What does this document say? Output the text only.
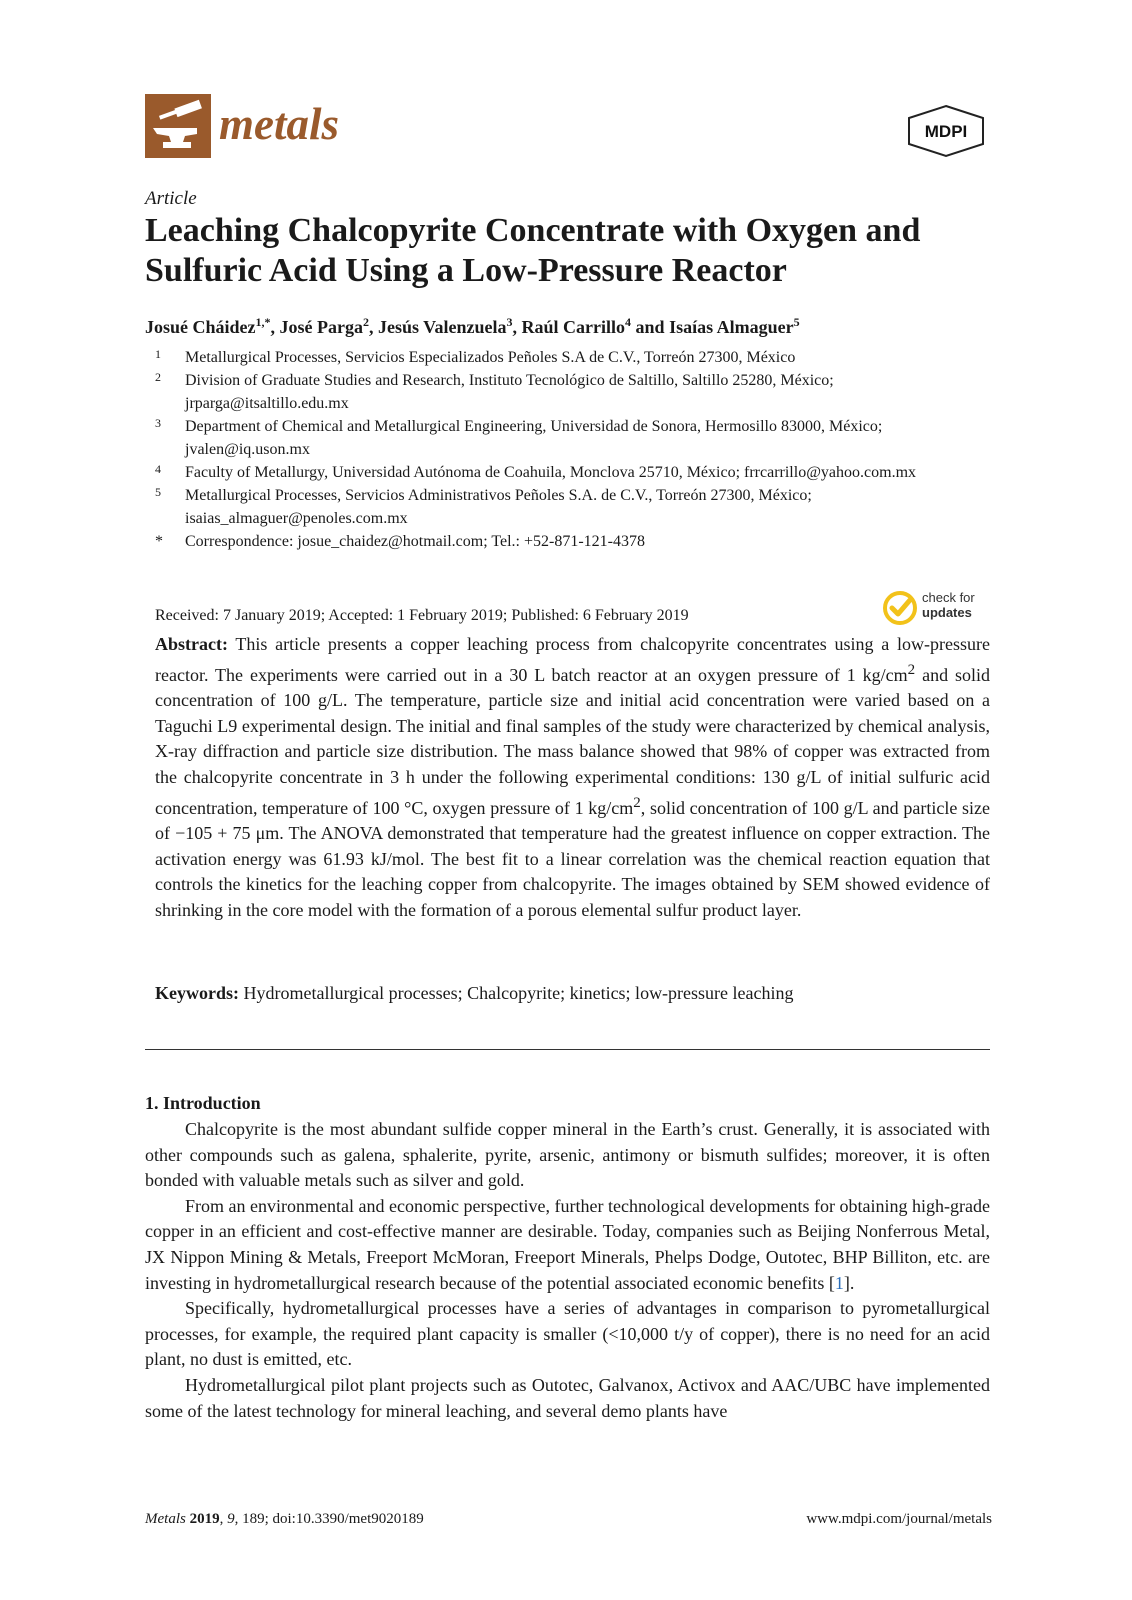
metals	MDPI
Article
Leaching Chalcopyrite Concentrate with Oxygen and Sulfuric Acid Using a Low-Pressure Reactor
Josué Cháidez$^{1,*}$, José Parga$^2$, Jesús Valenzuela$^3$, Raúl Carrillo$^4$ and Isaías Almaguer$^5$
1	Metallurgical Processes, Servicios Especializados Peñoles S.A de C.V., Torreón 27300, México
2	Division of Graduate Studies and Research, Instituto Tecnológico de Saltillo, Saltillo 25280, México; jrparga@itsaltillo.edu.mx
3	Department of Chemical and Metallurgical Engineering, Universidad de Sonora, Hermosillo 83000, México; jvalen@iq.uson.mx
4	Faculty of Metallurgy, Universidad Autónoma de Coahuila, Monclova 25710, México; frrcarrillo@yahoo.com.mx
5	Metallurgical Processes, Servicios Administrativos Peñoles S.A. de C.V., Torreón 27300, México; isaias_almaguer@penoles.com.mx
*	Correspondence: josue_chaidez@hotmail.com; Tel.: +52-871-121-4378
Received: 7 January 2019; Accepted: 1 February 2019; Published: 6 February 2019
check for
updates

Abstract: This article presents a copper leaching process from chalcopyrite concentrates using a low-pressure reactor. The experiments were carried out in a 30 L batch reactor at an oxygen pressure of 1 $kg/cm^2$ and solid concentration of 100 g/L. The temperature, particle size and initial acid concentration were varied based on a Taguchi L9 experimental design. The initial and final samples of the study were characterized by chemical analysis, X-ray diffraction and particle size distribution. The mass balance showed that 98% of copper was extracted from the chalcopyrite concentrate in 3 h under the following experimental conditions: 130 g/L of initial sulfuric acid concentration, temperature of 100 °C, oxygen pressure of 1 $kg/cm^2$, solid concentration of 100 g/L and particle size of −105 + 75 μm. The ANOVA demonstrated that temperature had the greatest influence on copper extraction. The activation energy was 61.93 kJ/mol. The best fit to a linear correlation was the chemical reaction equation that controls the kinetics for the leaching copper from chalcopyrite. The images obtained by SEM showed evidence of shrinking in the core model with the formation of a porous elemental sulfur product layer.

Keywords: Hydrometallurgical processes; Chalcopyrite; kinetics; low-pressure leaching

1. Introduction

Chalcopyrite is the most abundant sulfide copper mineral in the Earth’s crust. Generally, it is associated with other compounds such as galena, sphalerite, pyrite, arsenic, antimony or bismuth sulfides; moreover, it is often bonded with valuable metals such as silver and gold.

From an environmental and economic perspective, further technological developments for obtaining high-grade copper in an efficient and cost-effective manner are desirable. Today, companies such as Beijing Nonferrous Metal, JX Nippon Mining & Metals, Freeport McMoran, Freeport Minerals, Phelps Dodge, Outotec, BHP Billiton, etc. are investing in hydrometallurgical research because of the potential associated economic benefits [1].

Specifically, hydrometallurgical processes have a series of advantages in comparison to pyrometallurgical processes, for example, the required plant capacity is smaller (<10,000 t/y of copper), there is no need for an acid plant, no dust is emitted, etc.

Hydrometallurgical pilot plant projects such as Outotec, Galvanox, Activox and AAC/UBC have implemented some of the latest technology for mineral leaching, and several demo plants have

Metals 2019, 9, 189; doi:10.3390/met9020189	www.mdpi.com/journal/metals
